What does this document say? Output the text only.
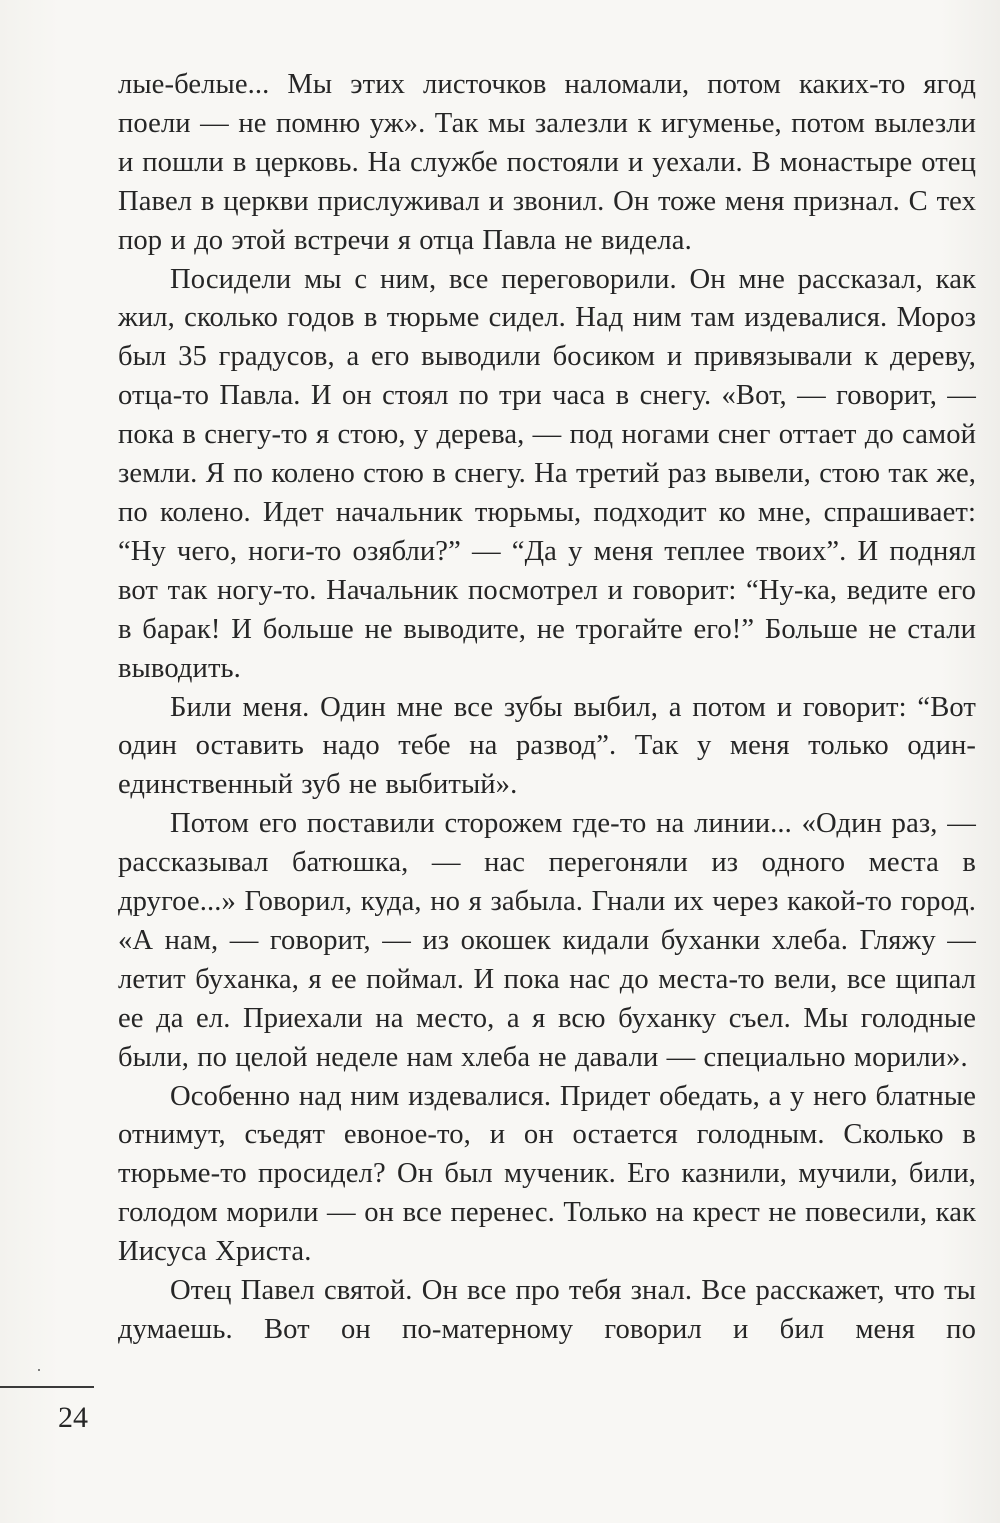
лые-белые... Мы этих листочков наломали, потом каких-то ягод поели — не помню уж». Так мы залезли к игуменье, потом вылезли и пошли в церковь. На службе постояли и уехали. В монастыре отец Павел в церкви прислуживал и звонил. Он тоже меня признал. С тех пор и до этой встречи я отца Павла не видела.

Посидели мы с ним, все переговорили. Он мне рассказал, как жил, сколько годов в тюрьме сидел. Над ним там издевалися. Мороз был 35 градусов, а его выводили босиком и привязывали к дереву, отца-то Павла. И он стоял по три часа в снегу. «Вот, — говорит, — пока в снегу-то я стою, у дерева, — под ногами снег оттает до самой земли. Я по колено стою в снегу. На третий раз вывели, стою так же, по колено. Идет начальник тюрьмы, подходит ко мне, спрашивает: “Ну чего, ноги-то озябли?” — “Да у меня теплее твоих”. И поднял вот так ногу-то. Начальник посмотрел и говорит: “Ну-ка, ведите его в барак! И больше не выводите, не трогайте его!” Больше не стали выводить.

Били меня. Один мне все зубы выбил, а потом и говорит: “Вот один оставить надо тебе на развод”. Так у меня только один-единственный зуб не выбитый».

Потом его поставили сторожем где-то на линии... «Один раз, — рассказывал батюшка, — нас перегоняли из одного места в другое...» Говорил, куда, но я забыла. Гнали их через какой-то город. «А нам, — говорит, — из окошек кидали буханки хлеба. Гляжу — летит буханка, я ее поймал. И пока нас до места-то вели, все щипал ее да ел. Приехали на место, а я всю буханку съел. Мы голодные были, по целой неделе нам хлеба не давали — специально морили».

Особенно над ним издевалися. Придет обедать, а у него блатные отнимут, съедят евоное-то, и он остается голодным. Сколько в тюрьме-то просидел? Он был мученик. Его казнили, мучили, били, голодом морили — он все перенес. Только на крест не повесили, как Иисуса Христа.

Отец Павел святой. Он все про тебя знал. Все расскажет, что ты думаешь. Вот он по-матерному говорил и бил меня по

24
